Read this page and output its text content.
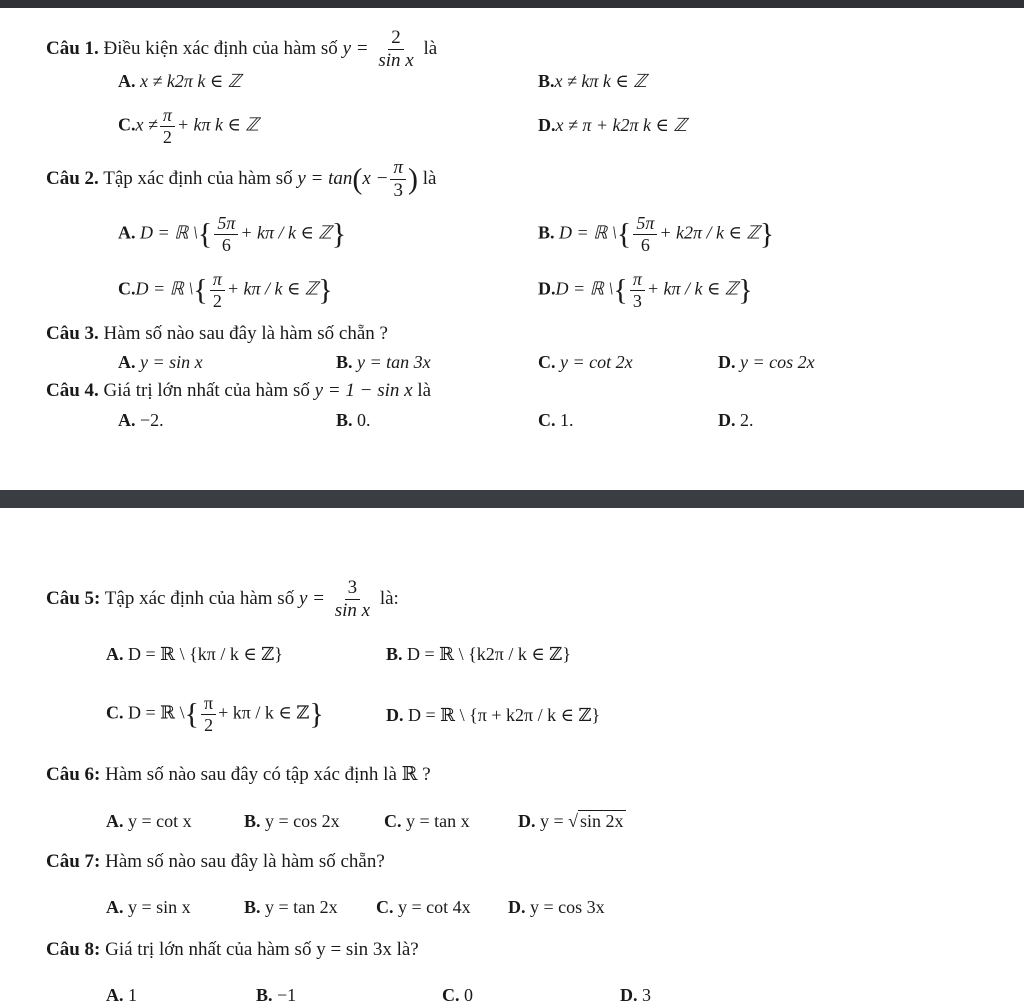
Câu 1. Điều kiện xác định của hàm số $y = \frac{2}{\text{sin x}}$ là
A. x ≠ k2π k ∈ ℤ	B.x ≠ kπ k ∈ ℤ
$C.x \ne \frac{\pi}{2} + k\pi$ k ∈ ℤ	D.x ≠ π + k2π k ∈ ℤ
Câu 2. Tập xác định của hàm số $y = \tan(x - \frac{\pi}{3}$ ) là
A. D = ℝ \{ $\frac{5\pi}{6} + k\pi / k$ ∈ ℤ}	B. D = ℝ \{ $\frac{5\pi}{6} + k2\pi / k$ ∈ ℤ}
C.D = ℝ \{ $\frac{\pi}{2} + k\pi / k$ ∈ ℤ}	D.D = ℝ \{ $\frac{\pi}{3} + k\pi / k$ ∈ ℤ}
Câu 3. Hàm số nào sau đây là hàm số chẵn ?
A. y = sin x	B. y = tan 3x	C. y = cot 2x	D. y = cos 2x
Câu 4. Giá trị lớn nhất của hàm số y = 1 − sin x là
A. −2.	B. 0.	C. 1.	D. 2.
Câu 5: Tập xác định của hàm số $y = \frac{3}{\text{sin x}}$ là:
A. D = ℝ \ {kπ / k ∈ ℤ}	B. D = ℝ \ {k2π / k ∈ ℤ}
C. D = ℝ \{ $\frac{\pi}{2} + k\pi / k$ ∈ ℤ}	D. D = ℝ \ {π + k2π / k ∈ ℤ}
Câu 6: Hàm số nào sau đây có tập xác định là ℝ ?
A. y = cot x	B. y = cos 2x C. y = tan x	D. y = √ sin 2x
Câu 7: Hàm số nào sau đây là hàm số chẵn?
A. y = sin x	B. y = tan 2x C. y = cot 4x D. y = cos 3x
Câu 8: Giá trị lớn nhất của hàm số y = sin 3x là?
A. 1	B. −1	C. 0	D. 3
